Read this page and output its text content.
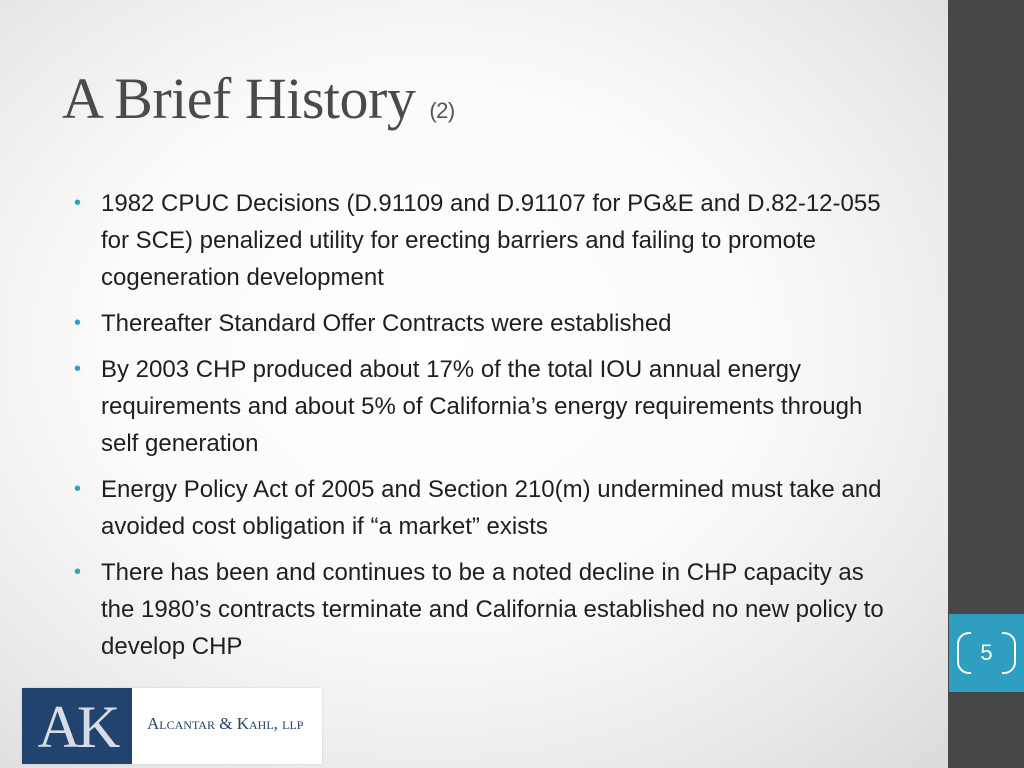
A Brief History (2)
• 1982 CPUC Decisions (D.91109 and D.91107 for PG&E and D.82-12-055 for SCE) penalized utility for erecting barriers and failing to promote cogeneration development
• Thereafter Standard Offer Contracts were established
• By 2003 CHP produced about 17% of the total IOU annual energy requirements and about 5% of California’s energy requirements through self generation
• Energy Policy Act of 2005 and Section 210(m) undermined must take and avoided cost obligation if “a market” exists
• There has been and continues to be a noted decline in CHP capacity as the 1980’s contracts terminate and California established no new policy to develop CHP	5
AK	Alcantar & Kahl, llp
